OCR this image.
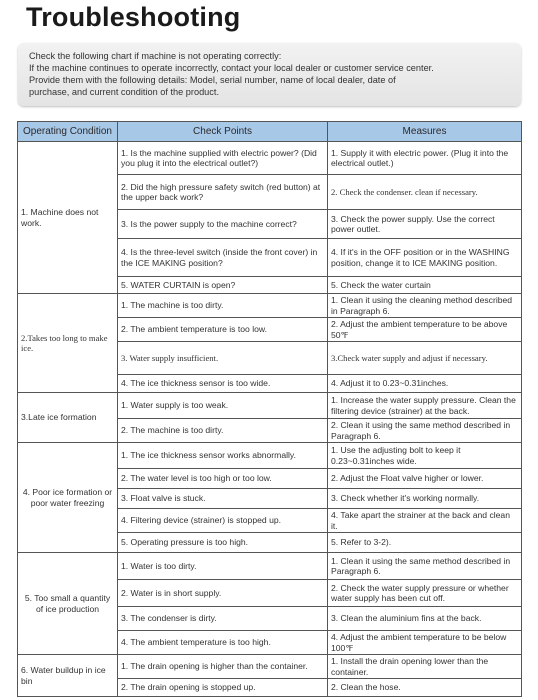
Troubleshooting
Check the following chart if machine is not operating correctly:
If the machine continues to operate incorrectly, contact your local dealer or customer service center.
Provide them with the following details: Model, serial number, name of local dealer, date of
purchase, and current condition of the product.
Operating Condition	Check Points	Measures
1. Machine does not work.	1. Is the machine supplied with electric power? (Did you plug it into the electrical outlet?)	1. Supply it with electric power. (Plug it into the electrical outlet.)
	2. Did the high pressure safety switch (red button) at the upper back work?	2. Check the condenser. clean if necessary.
	3. Is the power supply to the machine correct?	3. Check the power supply. Use the correct power outlet.
	4. Is the three-level switch (inside the front cover) in the ICE MAKING position?	4. If it's in the OFF position or in the WASHING position, change it to ICE MAKING position.
	5. WATER CURTAIN is open?	5. Check the water curtain
2.Takes too long to make ice.	1. The machine is too dirty.	1. Clean it using the cleaning method described in Paragraph 6.
	2. The ambient temperature is too low.	2. Adjust the ambient temperature to be above 50℉
	3. Water supply insufficient.	3.Check water supply and adjust if necessary.
	4. The ice thickness sensor is too wide.	4. Adjust it to 0.23~0.31inches.
3.Late ice formation	1. Water supply is too weak.	1. Increase the water supply pressure. Clean the filtering device (strainer) at the back.
	2. The machine is too dirty.	2. Clean it using the same method described in Paragraph 6.
4. Poor ice formation or poor water freezing	1. The ice thickness sensor works abnormally.	1. Use the adjusting bolt to keep it 0.23~0.31inches wide.
	2. The water level is too high or too low.	2. Adjust the Float valve higher or lower.
	3. Float valve is stuck.	3. Check whether it's working normally.
	4. Filtering device (strainer) is stopped up.	4. Take apart the strainer at the back and clean it.
	5. Operating pressure is too high.	5. Refer to 3-2).
5. Too small a quantity of ice production	1. Water is too dirty.	1. Clean it using the same method described in Paragraph 6.
	2. Water is in short supply.	2. Check the water supply pressure or whether water supply has been cut off.
	3. The condenser is dirty.	3. Clean the aluminium fins at the back.
	4. The ambient temperature is too high.	4. Adjust the ambient temperature to be below 100℉
6. Water buildup in ice bin	1. The drain opening is higher than the container.	1. Install the drain opening lower than the container.
	2. The drain opening is stopped up.	2. Clean the hose.
